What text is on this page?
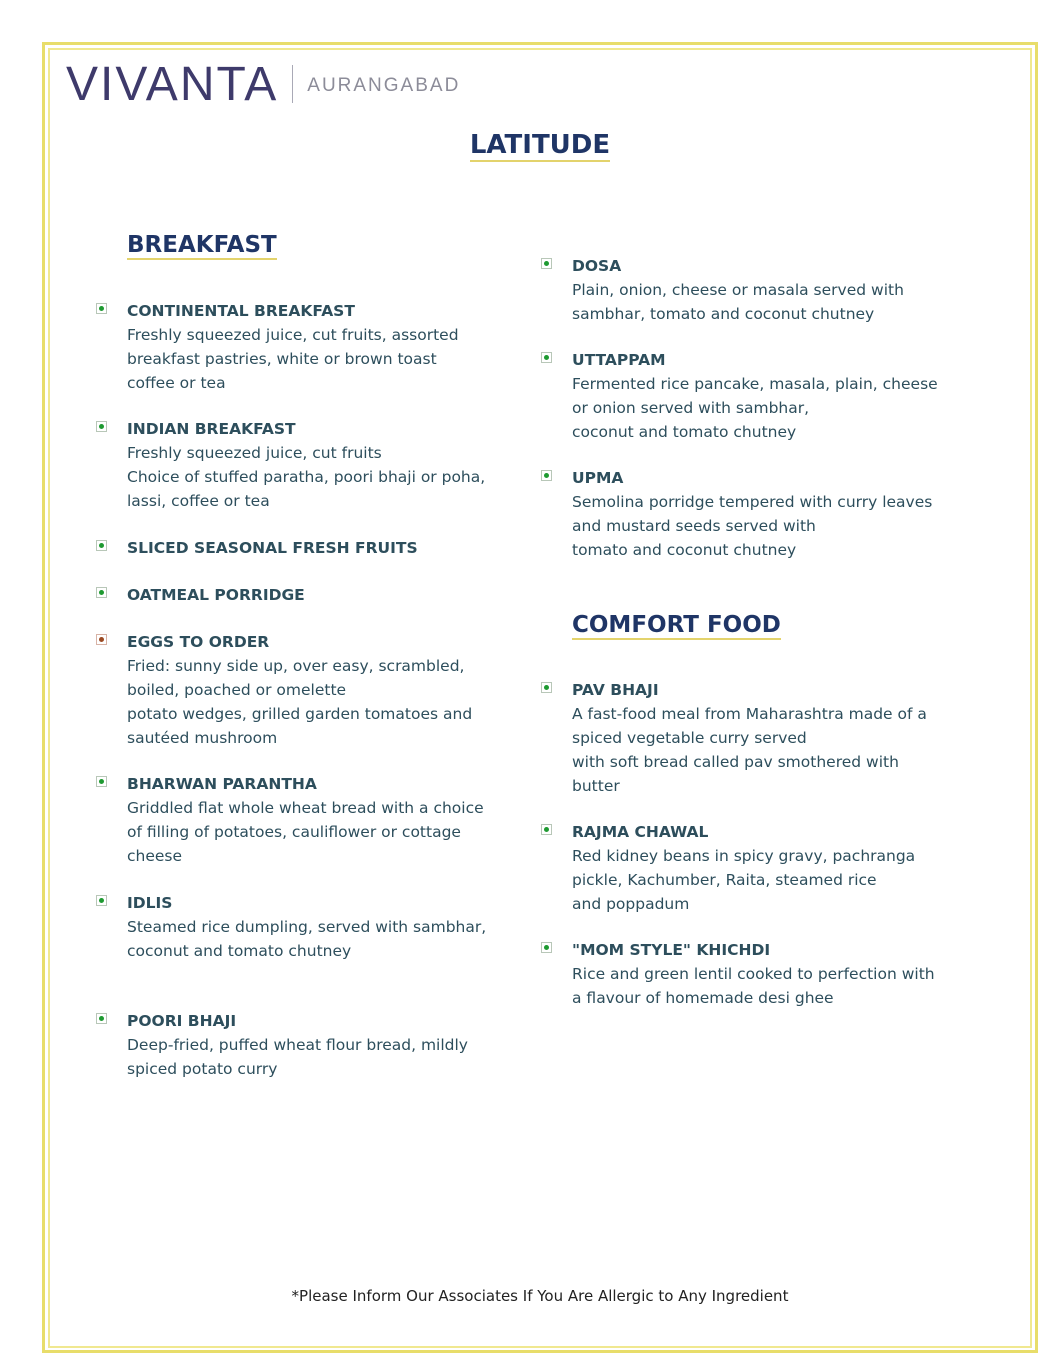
VIVANTA AURANGABAD
LATITUDE
BREAKFAST
CONTINENTAL BREAKFAST
Freshly squeezed juice, cut fruits, assorted
breakfast pastries, white or brown toast
coffee or tea
INDIAN BREAKFAST
Freshly squeezed juice, cut fruits
Choice of stuffed paratha, poori bhaji or poha,
lassi, coffee or tea
SLICED SEASONAL FRESH FRUITS
OATMEAL PORRIDGE
EGGS TO ORDER
Fried: sunny side up, over easy, scrambled,
boiled, poached or omelette
potato wedges, grilled garden tomatoes and
sautéed mushroom
BHARWAN PARANTHA
Griddled flat whole wheat bread with a choice
of filling of potatoes, cauliflower or cottage
cheese
IDLIS
Steamed rice dumpling, served with sambhar,
coconut and tomato chutney
POORI BHAJI
Deep-fried, puffed wheat flour bread, mildly
spiced potato curry
DOSA
Plain, onion, cheese or masala served with
sambhar, tomato and coconut chutney
UTTAPPAM
Fermented rice pancake, masala, plain, cheese
or onion served with sambhar,
coconut and tomato chutney
UPMA
Semolina porridge tempered with curry leaves
and mustard seeds served with
tomato and coconut chutney
COMFORT FOOD
PAV BHAJI
A fast-food meal from Maharashtra made of a
spiced vegetable curry served
with soft bread called pav smothered with
butter
RAJMA CHAWAL
Red kidney beans in spicy gravy, pachranga
pickle, Kachumber, Raita, steamed rice
and poppadum
"MOM STYLE" KHICHDI
Rice and green lentil cooked to perfection with
a flavour of homemade desi ghee
*Please Inform Our Associates If You Are Allergic to Any Ingredient
